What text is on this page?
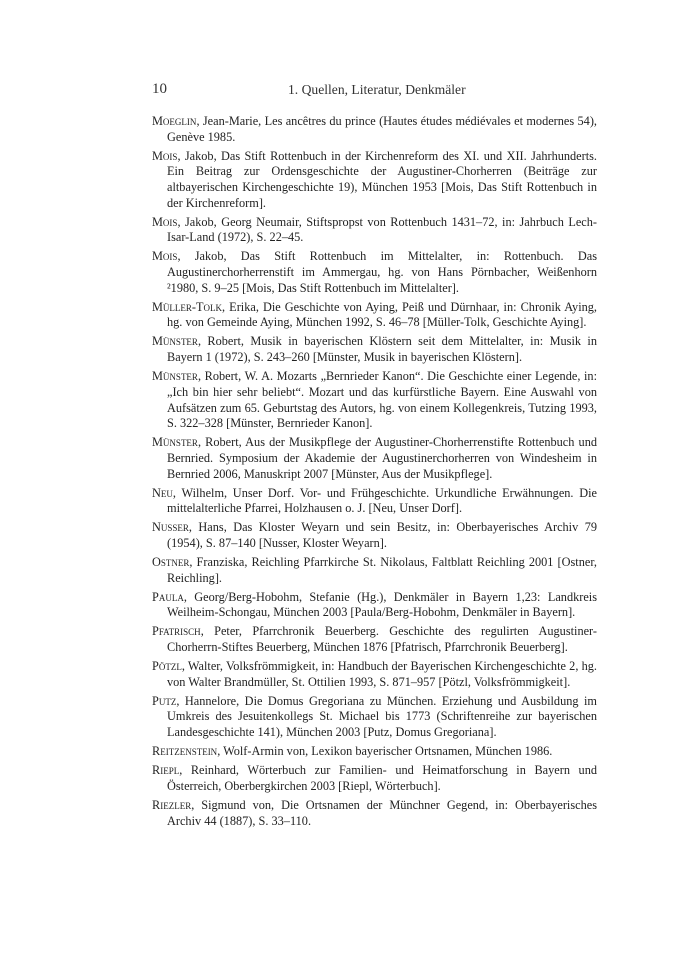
10	1. Quellen, Literatur, Denkmäler

Moeglin, Jean-Marie, Les ancêtres du prince (Hautes études médiévales et modernes 54), Genève 1985.

Mois, Jakob, Das Stift Rottenbuch in der Kirchenreform des XI. und XII. Jahrhunderts. Ein Beitrag zur Ordensgeschichte der Augustiner-Chorherren (Beiträge zur altbayerischen Kirchengeschichte 19), München 1953 [Mois, Das Stift Rottenbuch in der Kirchenreform].

Mois, Jakob, Georg Neumair, Stiftspropst von Rottenbuch 1431–72, in: Jahrbuch Lech-Isar-Land (1972), S. 22–45.

Mois, Jakob, Das Stift Rottenbuch im Mittelalter, in: Rottenbuch. Das Augustinerchorherrenstift im Ammergau, hg. von Hans Pörnbacher, Weißenhorn ²1980, S. 9–25 [Mois, Das Stift Rottenbuch im Mittelalter].

Müller-Tolk, Erika, Die Geschichte von Aying, Peiß und Dürnhaar, in: Chronik Aying, hg. von Gemeinde Aying, München 1992, S. 46–78 [Müller-Tolk, Geschichte Aying].

Münster, Robert, Musik in bayerischen Klöstern seit dem Mittelalter, in: Musik in Bayern 1 (1972), S. 243–260 [Münster, Musik in bayerischen Klöstern].

Münster, Robert, W. A. Mozarts „Bernrieder Kanon“. Die Geschichte einer Legende, in: „Ich bin hier sehr beliebt“. Mozart und das kurfürstliche Bayern. Eine Auswahl von Aufsätzen zum 65. Geburtstag des Autors, hg. von einem Kollegenkreis, Tutzing 1993, S. 322–328 [Münster, Bernrieder Kanon].

Münster, Robert, Aus der Musikpflege der Augustiner-Chorherrenstifte Rottenbuch und Bernried. Symposium der Akademie der Augustinerchorherren von Windesheim in Bernried 2006, Manuskript 2007 [Münster, Aus der Musikpflege].

Neu, Wilhelm, Unser Dorf. Vor- und Frühgeschichte. Urkundliche Erwähnungen. Die mittelalterliche Pfarrei, Holzhausen o. J. [Neu, Unser Dorf].

Nusser, Hans, Das Kloster Weyarn und sein Besitz, in: Oberbayerisches Archiv 79 (1954), S. 87–140 [Nusser, Kloster Weyarn].

Ostner, Franziska, Reichling Pfarrkirche St. Nikolaus, Faltblatt Reichling 2001 [Ostner, Reichling].

Paula, Georg/Berg-Hobohm, Stefanie (Hg.), Denkmäler in Bayern 1,23: Landkreis Weilheim-Schongau, München 2003 [Paula/Berg-Hobohm, Denkmäler in Bayern].

Pfatrisch, Peter, Pfarrchronik Beuerberg. Geschichte des regulirten Augustiner-Chorherrn-Stiftes Beuerberg, München 1876 [Pfatrisch, Pfarrchronik Beuerberg].

Pötzl, Walter, Volksfrömmigkeit, in: Handbuch der Bayerischen Kirchengeschichte 2, hg. von Walter Brandmüller, St. Ottilien 1993, S. 871–957 [Pötzl, Volksfrömmigkeit].

Putz, Hannelore, Die Domus Gregoriana zu München. Erziehung und Ausbildung im Umkreis des Jesuitenkollegs St. Michael bis 1773 (Schriftenreihe zur bayerischen Landesgeschichte 141), München 2003 [Putz, Domus Gregoriana].

Reitzenstein, Wolf-Armin von, Lexikon bayerischer Ortsnamen, München 1986.

Riepl, Reinhard, Wörterbuch zur Familien- und Heimatforschung in Bayern und Österreich, Oberbergkirchen 2003 [Riepl, Wörterbuch].

Riezler, Sigmund von, Die Ortsnamen der Münchner Gegend, in: Oberbayerisches Archiv 44 (1887), S. 33–110.
